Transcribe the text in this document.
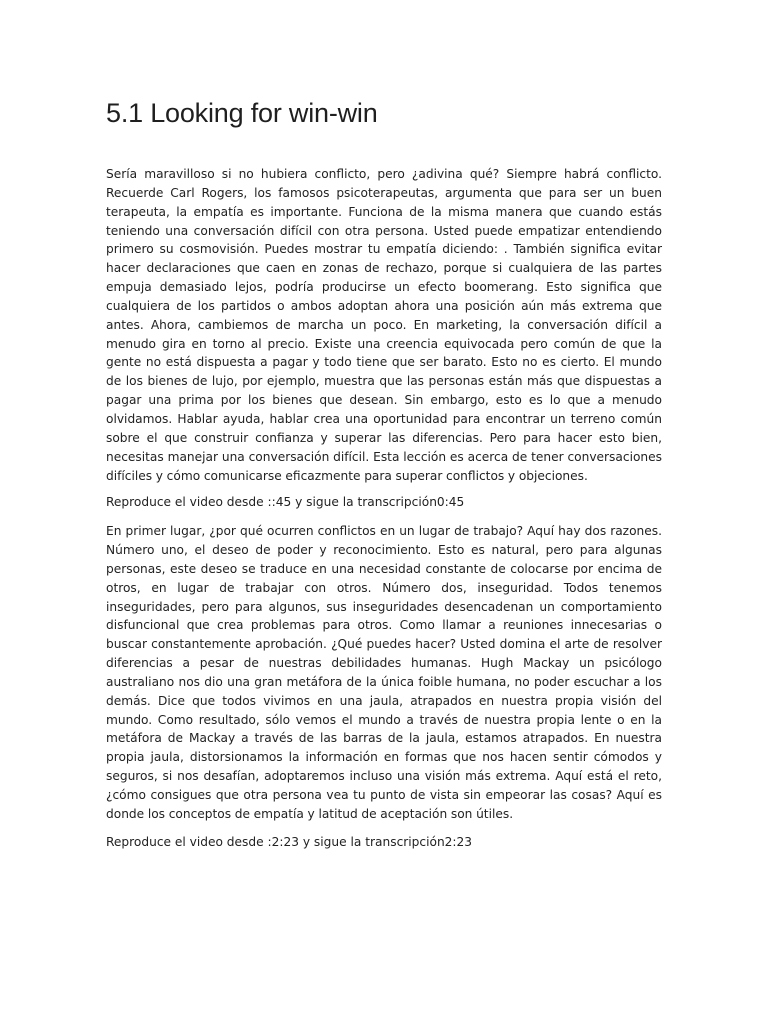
5.1 Looking for win-win

Sería maravilloso si no hubiera conflicto, pero ¿adivina qué? Siempre habrá conflicto. Recuerde Carl Rogers, los famosos psicoterapeutas, argumenta que para ser un buen terapeuta, la empatía es importante. Funciona de la misma manera que cuando estás teniendo una conversación difícil con otra persona. Usted puede empatizar entendiendo primero su cosmovisión. Puedes mostrar tu empatía diciendo: . También significa evitar hacer declaraciones que caen en zonas de rechazo, porque si cualquiera de las partes empuja demasiado lejos, podría producirse un efecto boomerang. Esto significa que cualquiera de los partidos o ambos adoptan ahora una posición aún más extrema que antes. Ahora, cambiemos de marcha un poco. En marketing, la conversación difícil a menudo gira en torno al precio. Existe una creencia equivocada pero común de que la gente no está dispuesta a pagar y todo tiene que ser barato. Esto no es cierto. El mundo de los bienes de lujo, por ejemplo, muestra que las personas están más que dispuestas a pagar una prima por los bienes que desean. Sin embargo, esto es lo que a menudo olvidamos. Hablar ayuda, hablar crea una oportunidad para encontrar un terreno común sobre el que construir confianza y superar las diferencias. Pero para hacer esto bien, necesitas manejar una conversación difícil. Esta lección es acerca de tener conversaciones difíciles y cómo comunicarse eficazmente para superar conflictos y objeciones.

Reproduce el video desde ::45 y sigue la transcripción0:45

En primer lugar, ¿por qué ocurren conflictos en un lugar de trabajo? Aquí hay dos razones. Número uno, el deseo de poder y reconocimiento. Esto es natural, pero para algunas personas, este deseo se traduce en una necesidad constante de colocarse por encima de otros, en lugar de trabajar con otros. Número dos, inseguridad. Todos tenemos inseguridades, pero para algunos, sus inseguridades desencadenan un comportamiento disfuncional que crea problemas para otros. Como llamar a reuniones innecesarias o buscar constantemente aprobación. ¿Qué puedes hacer? Usted domina el arte de resolver diferencias a pesar de nuestras debilidades humanas. Hugh Mackay un psicólogo australiano nos dio una gran metáfora de la única foible humana, no poder escuchar a los demás. Dice que todos vivimos en una jaula, atrapados en nuestra propia visión del mundo. Como resultado, sólo vemos el mundo a través de nuestra propia lente o en la metáfora de Mackay a través de las barras de la jaula, estamos atrapados. En nuestra propia jaula, distorsionamos la información en formas que nos hacen sentir cómodos y seguros, si nos desafían, adoptaremos incluso una visión más extrema. Aquí está el reto, ¿cómo consigues que otra persona vea tu punto de vista sin empeorar las cosas? Aquí es donde los conceptos de empatía y latitud de aceptación son útiles.

Reproduce el video desde :2:23 y sigue la transcripción2:23
